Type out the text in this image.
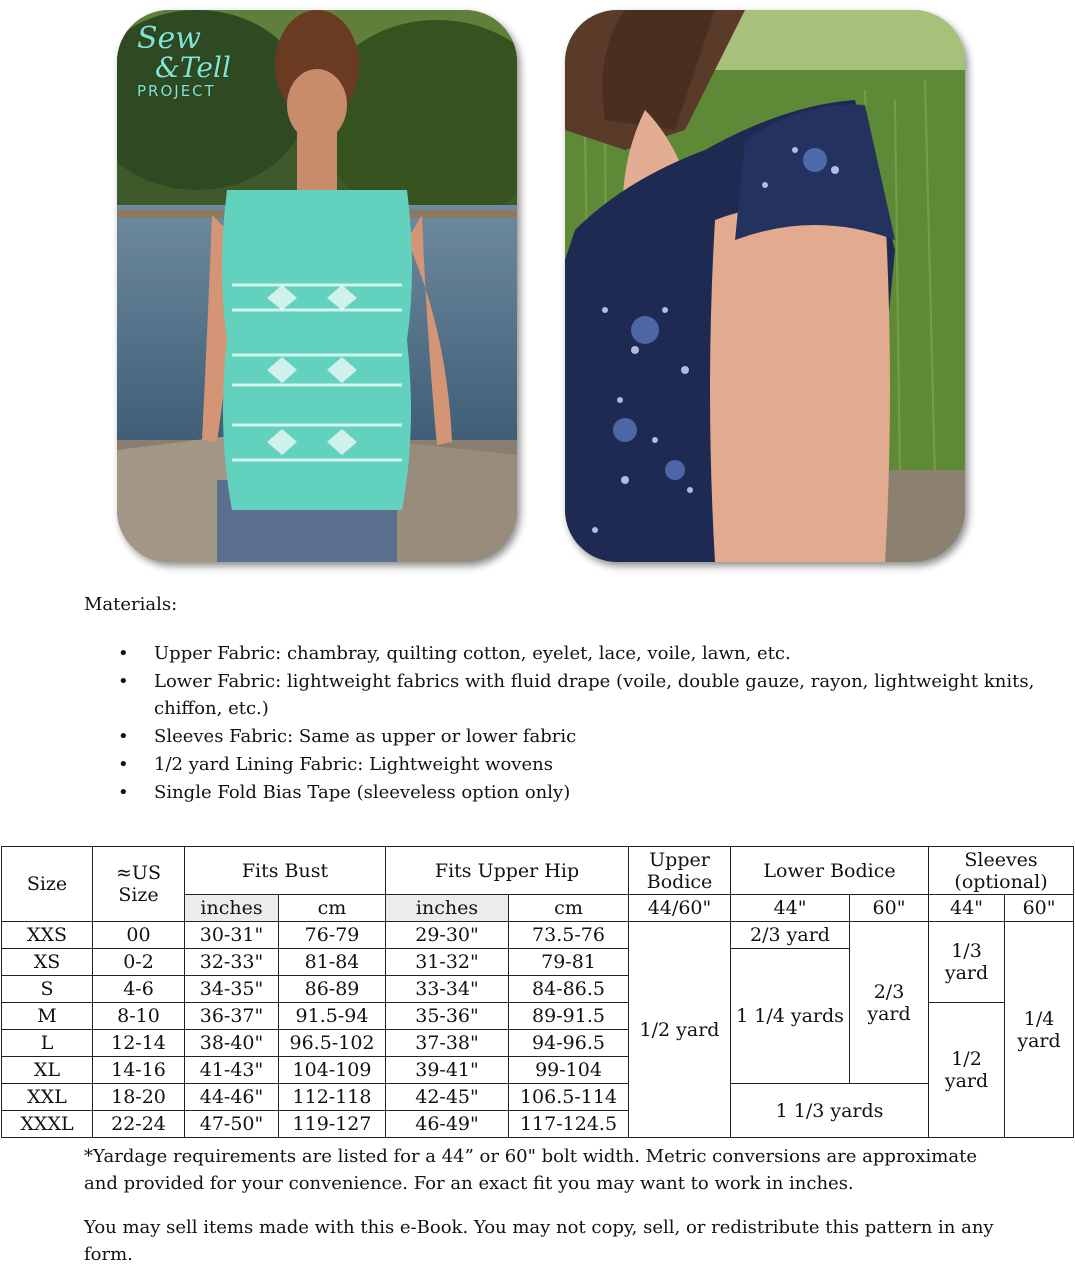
Sew
&Tell
PROJECT
Materials:
• Upper Fabric: chambray, quilting cotton, eyelet, lace, voile, lawn, etc.
• Lower Fabric: lightweight fabrics with fluid drape (voile, double gauze, rayon, lightweight knits, chiffon, etc.)
• Sleeves Fabric: Same as upper or lower fabric
• 1/2 yard Lining Fabric: Lightweight wovens
• Single Fold Bias Tape (sleeveless option only)
Size	≈US Size	Fits Bust		Fits Upper Hip		Upper Bodice	Lower Bodice		Sleeves (optional)	
		inches	cm	inches	cm	44/60"	44"	60"	44"	60"
XXS	00	30-31"	76-79	29-30"	73.5-76	1/2 yard	2/3 yard	2/3 yard	1/3 yard	1/4 yard
XS	0-2	32-33"	81-84	31-32"	79-81		1 1/4 yards			
S	4-6	34-35"	86-89	33-34"	84-86.5					
M	8-10	36-37"	91.5-94	35-36"	89-91.5				1/2 yard	
L	12-14	38-40"	96.5-102	37-38"	94-96.5					
XL	14-16	41-43"	104-109	39-41"	99-104					
XXL	18-20	44-46"	112-118	42-45"	106.5-114		1 1/3 yards			
XXXL	22-24	47-50"	119-127	46-49"	117-124.5					

*Yardage requirements are listed for a 44” or 60" bolt width. Metric conversions are approximate and provided for your convenience. For an exact fit you may want to work in inches.

You may sell items made with this e-Book. You may not copy, sell, or redistribute this pattern in any form.
